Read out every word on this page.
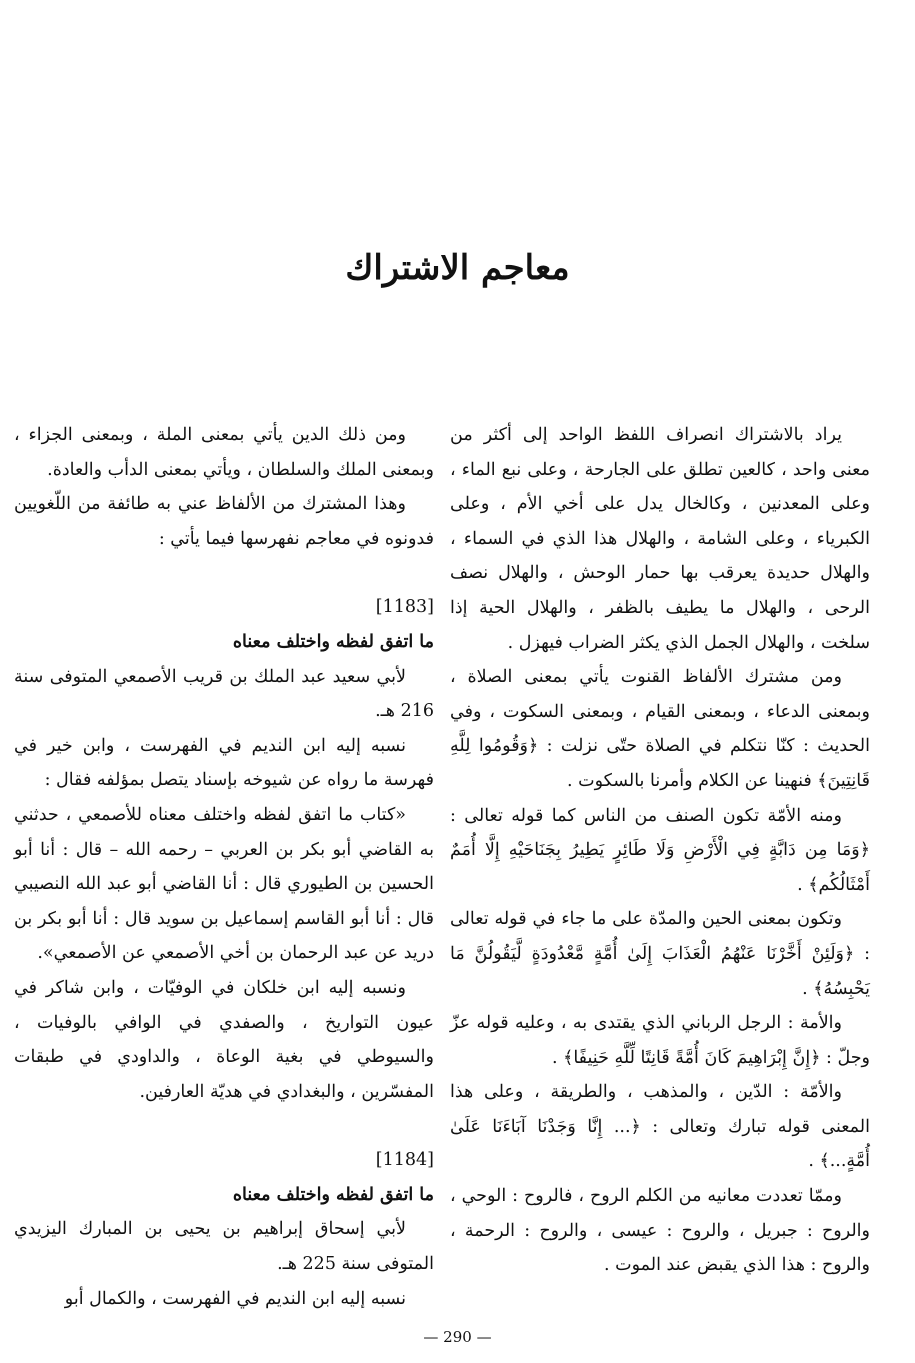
معاجم الاشتراك

يراد بالاشتراك انصراف اللفظ الواحد إلى أكثر من معنى واحد ، كالعين تطلق على الجارحة ، وعلى نبع الماء ، وعلى المعدنين ، وكالخال يدل على أخي الأم ، وعلى الكبرياء ، وعلى الشامة ، والهلال هذا الذي في السماء ، والهلال حديدة يعرقب بها حمار الوحش ، والهلال نصف الرحى ، والهلال ما يطيف بالظفر ، والهلال الحية إذا سلخت ، والهلال الجمل الذي يكثر الضراب فيهزل .

ومن مشترك الألفاظ القنوت يأتي بمعنى الصلاة ، وبمعنى الدعاء ، وبمعنى القيام ، وبمعنى السكوت ، وفي الحديث : كنّا نتكلم في الصلاة حتّى نزلت : ﴿وَقُومُوا لِلَّهِ قَانِتِينَ﴾ فنهينا عن الكلام وأمرنا بالسكوت .

ومنه الأمّة تكون الصنف من الناس كما قوله تعالى : ﴿وَمَا مِن دَابَّةٍ فِي الْأَرْضِ وَلَا طَائِرٍ يَطِيرُ بِجَنَاحَيْهِ إِلَّا أُمَمٌ أَمْثَالُكُم﴾ .

وتكون بمعنى الحين والمدّة على ما جاء في قوله تعالى : ﴿وَلَئِنْ أَخَّرْنَا عَنْهُمُ الْعَذَابَ إِلَىٰ أُمَّةٍ مَّعْدُودَةٍ لَّيَقُولُنَّ مَا يَحْبِسُهُ﴾ .

والأمة : الرجل الرباني الذي يقتدى به ، وعليه قوله عزّ وجلّ : ﴿إِنَّ إِبْرَاهِيمَ كَانَ أُمَّةً قَانِتًا لِّلَّهِ حَنِيفًا﴾ .

والأمّة : الدّين ، والمذهب ، والطريقة ، وعلى هذا المعنى قوله تبارك وتعالى : ﴿... إِنَّا وَجَدْنَا آبَاءَنَا عَلَىٰ أُمَّةٍ...﴾ .

وممّا تعددت معانيه من الكلم الروح ، فالروح : الوحي ، والروح : جبريل ، والروح : عيسى ، والروح : الرحمة ، والروح : هذا الذي يقبض عند الموت .

ومن ذلك الدين يأتي بمعنى الملة ، وبمعنى الجزاء ، وبمعنى الملك والسلطان ، ويأتي بمعنى الدأب والعادة.

وهذا المشترك من الألفاظ عني به طائفة من اللّغويين فدونوه في معاجم نفهرسها فيما يأتي :

[1183]

ما اتفق لفظه واختلف معناه

لأبي سعيد عبد الملك بن قريب الأصمعي المتوفى سنة 216 هـ.

نسبه إليه ابن النديم في الفهرست ، وابن خير في فهرسة ما رواه عن شيوخه بإسناد يتصل بمؤلفه فقال :

«كتاب ما اتفق لفظه واختلف معناه للأصمعي ، حدثني به القاضي أبو بكر بن العربي – رحمه الله – قال : أنا أبو الحسين بن الطيوري قال : أنا القاضي أبو عبد الله النصيبي قال : أنا أبو القاسم إسماعيل بن سويد قال : أنا أبو بكر بن دريد عن عبد الرحمان بن أخي الأصمعي عن الأصمعي».

ونسبه إليه ابن خلكان في الوفيّات ، وابن شاكر في عيون التواريخ ، والصفدي في الوافي بالوفيات ، والسيوطي في بغية الوعاة ، والداودي في طبقات المفسّرين ، والبغدادي في هديّة العارفين.

[1184]

ما اتفق لفظه واختلف معناه

لأبي إسحاق إبراهيم بن يحيى بن المبارك اليزيدي المتوفى سنة 225 هـ.

نسبه إليه ابن النديم في الفهرست ، والكمال أبو

— 290 —
